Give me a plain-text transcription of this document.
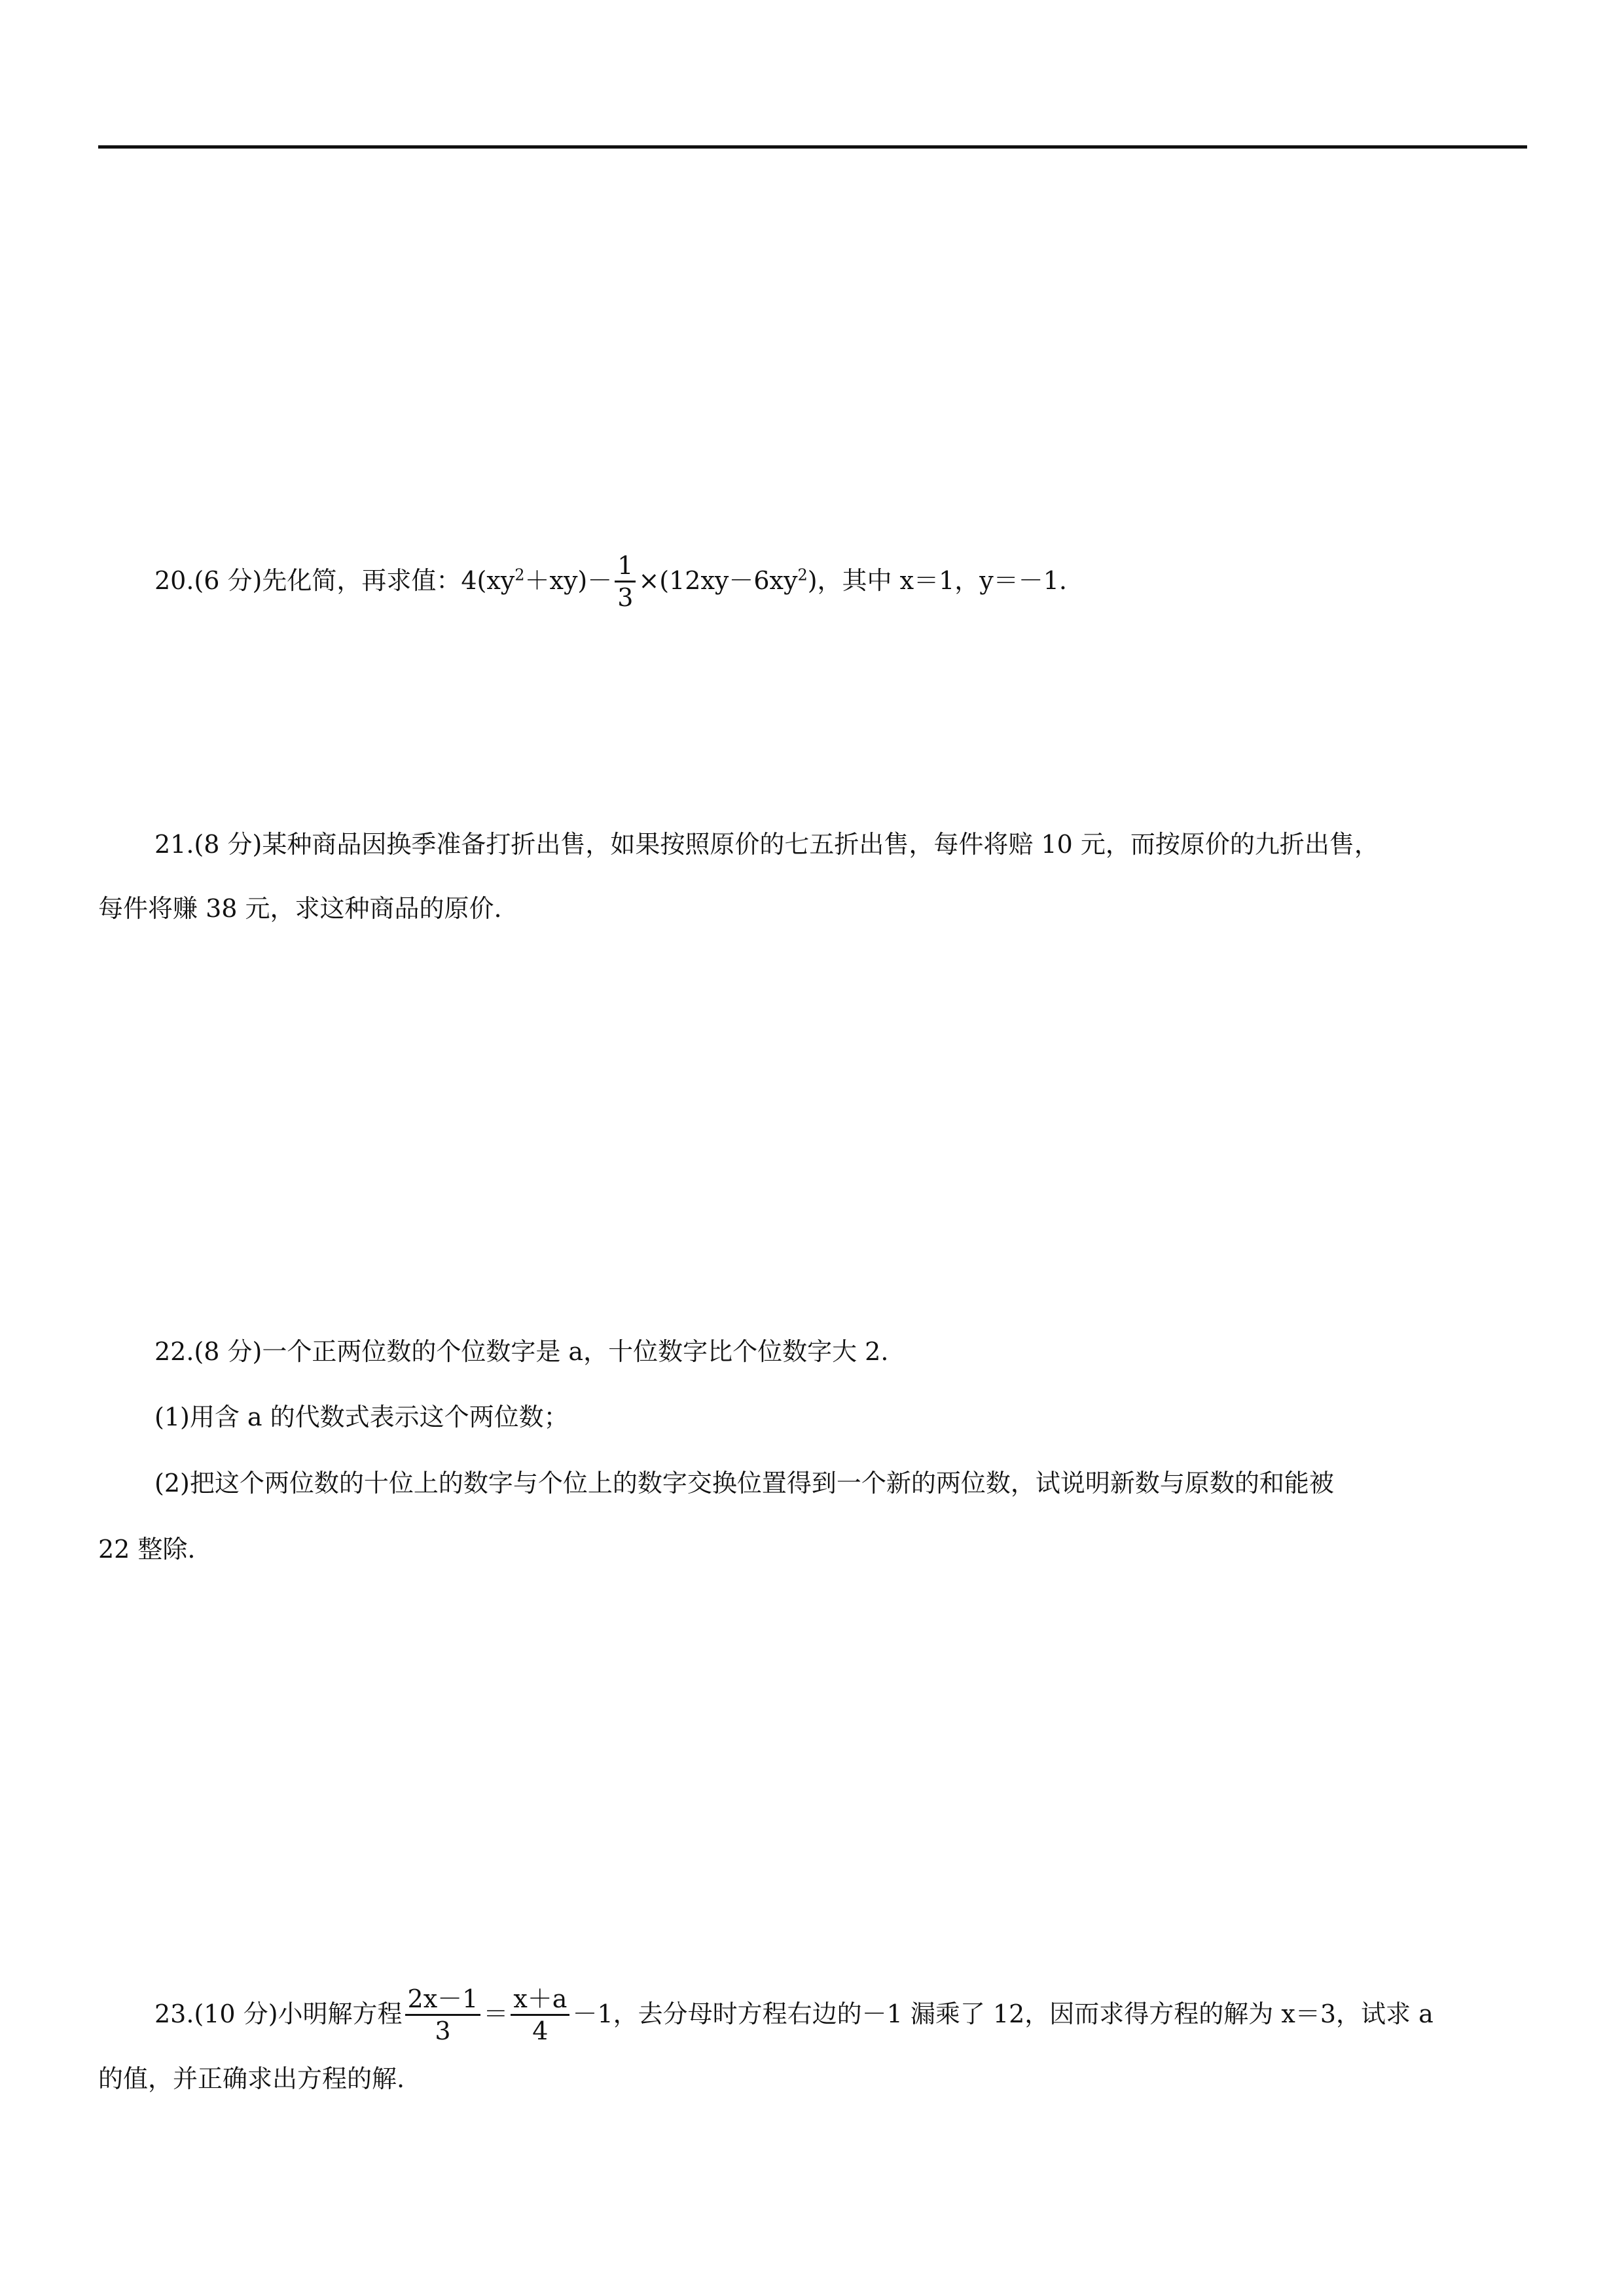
20.(6 分)先化简，再求值：$4(xy^2+xy)- \frac{1}{3} \times(12xy-6xy^2)$，其中 x＝1，y＝－1.
21.(8 分)某种商品因换季准备打折出售，如果按照原价的七五折出售，每件将赔 10 元，而按原价的九折出售，
每件将赚 38 元，求这种商品的原价.
22.(8 分)一个正两位数的个位数字是 a，十位数字比个位数字大 2.
(1)用含 a 的代数式表示这个两位数；
(2)把这个两位数的十位上的数字与个位上的数字交换位置得到一个新的两位数，试说明新数与原数的和能被
22 整除.
23.(10 分)小明解方程 $\frac{2x-1}{3} = \frac{x+a}{4} -1$，去分母时方程右边的－1 漏乘了 12，因而求得方程的解为 x＝3，试求 a
的值，并正确求出方程的解.
